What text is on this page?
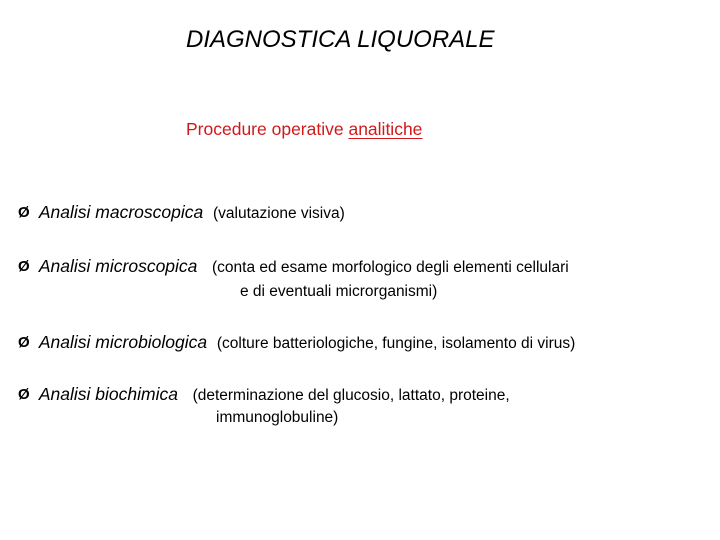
DIAGNOSTICA LIQUORALE
Procedure operative analitiche
Ø Analisi macroscopica (valutazione visiva)
Ø Analisi microscopica (conta ed esame morfologico degli elementi cellulari
e di eventuali microrganismi)
Ø Analisi microbiologica (colture batteriologiche, fungine, isolamento di virus)
Ø Analisi biochimica (determinazione del glucosio, lattato, proteine,
immunoglobuline)
